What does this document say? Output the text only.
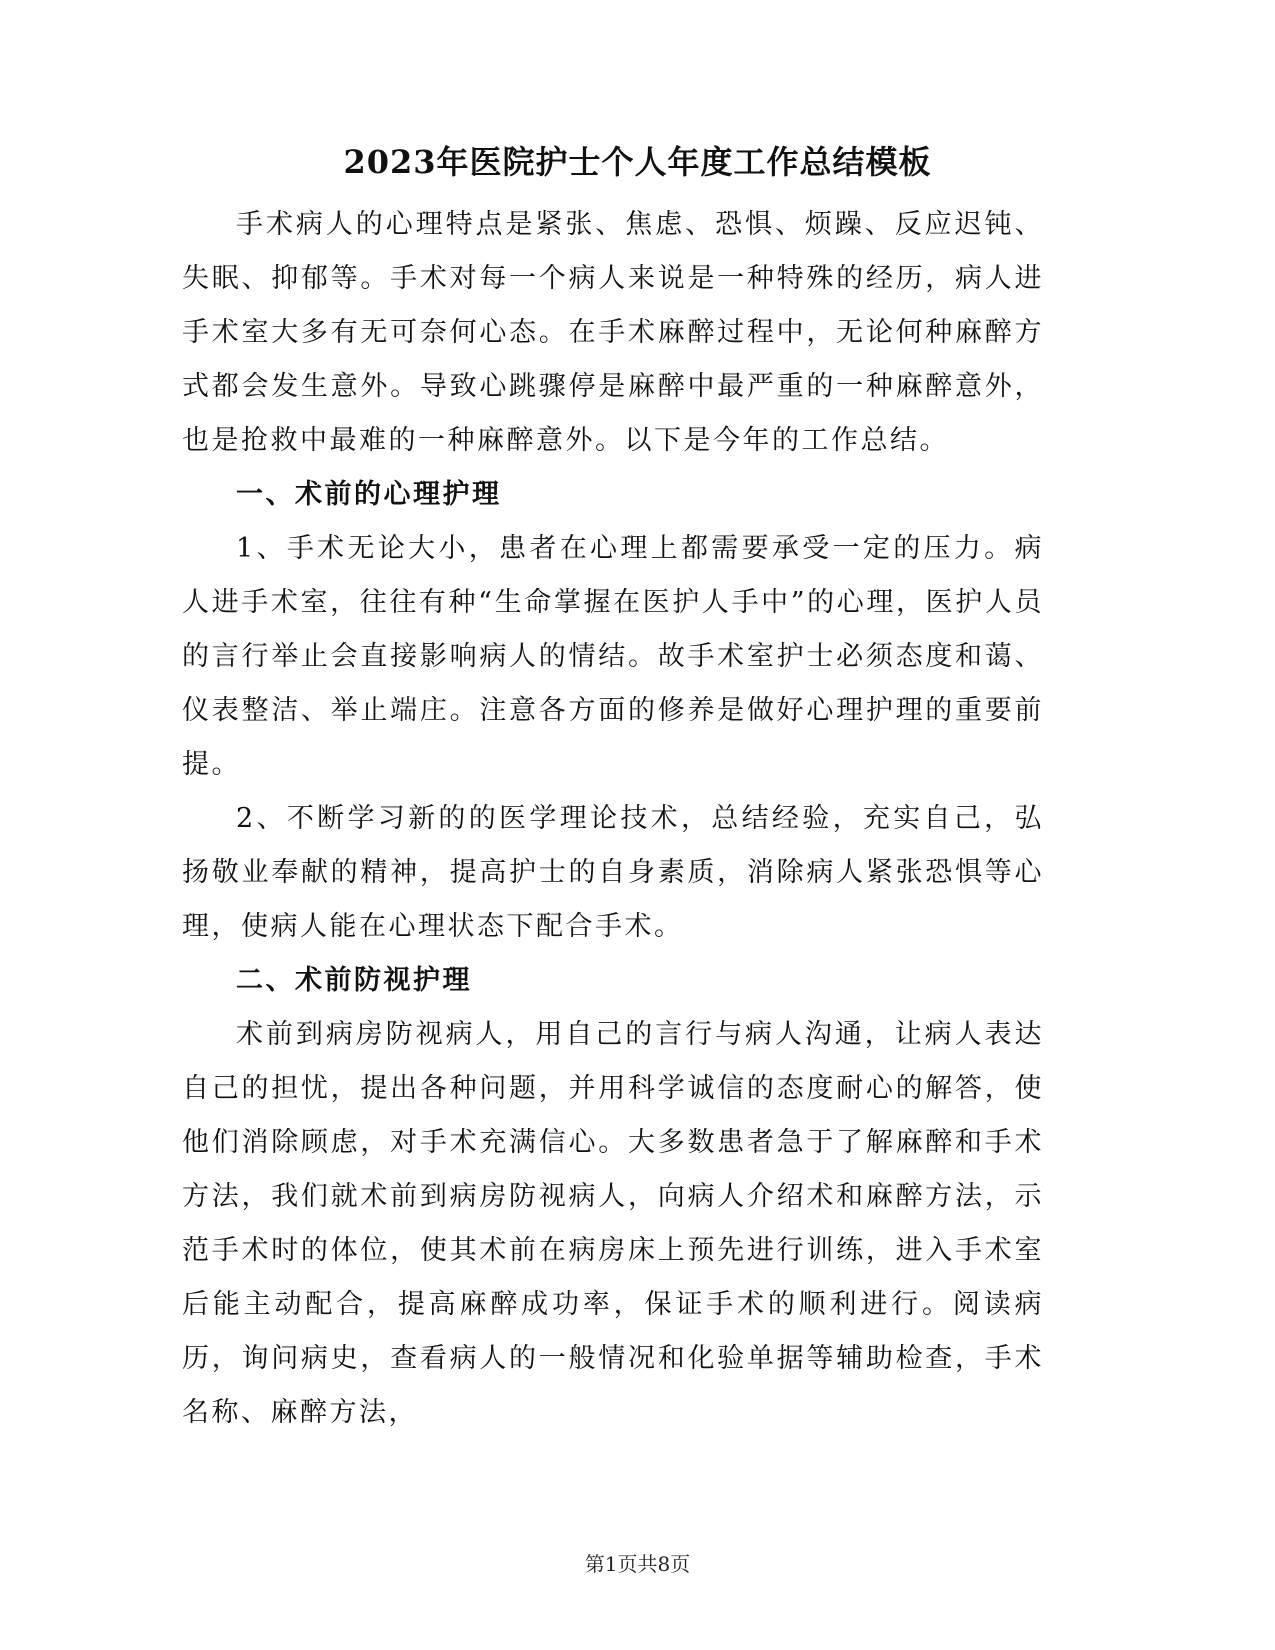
2023年医院护士个人年度工作总结模板

手术病人的心理特点是紧张、焦虑、恐惧、烦躁、反应迟钝、失眠、抑郁等。手术对每一个病人来说是一种特殊的经历，病人进手术室大多有无可奈何心态。在手术麻醉过程中，无论何种麻醉方式都会发生意外。导致心跳骤停是麻醉中最严重的一种麻醉意外，也是抢救中最难的一种麻醉意外。以下是今年的工作总结。

一、术前的心理护理

1、手术无论大小，患者在心理上都需要承受一定的压力。病人进手术室，往往有种“生命掌握在医护人手中”的心理，医护人员的言行举止会直接影响病人的情结。故手术室护士必须态度和蔼、仪表整洁、举止端庄。注意各方面的修养是做好心理护理的重要前提。

2、不断学习新的的医学理论技术，总结经验，充实自己，弘扬敬业奉献的精神，提高护士的自身素质，消除病人紧张恐惧等心理，使病人能在心理状态下配合手术。

二、术前防视护理

术前到病房防视病人，用自己的言行与病人沟通，让病人表达自己的担忧，提出各种问题，并用科学诚信的态度耐心的解答，使他们消除顾虑，对手术充满信心。大多数患者急于了解麻醉和手术方法，我们就术前到病房防视病人，向病人介绍术和麻醉方法，示范手术时的体位，使其术前在病房床上预先进行训练，进入手术室后能主动配合，提高麻醉成功率，保证手术的顺利进行。阅读病历，询问病史，查看病人的一般情况和化验单据等辅助检查，手术名称、麻醉方法，

第1页共8页
